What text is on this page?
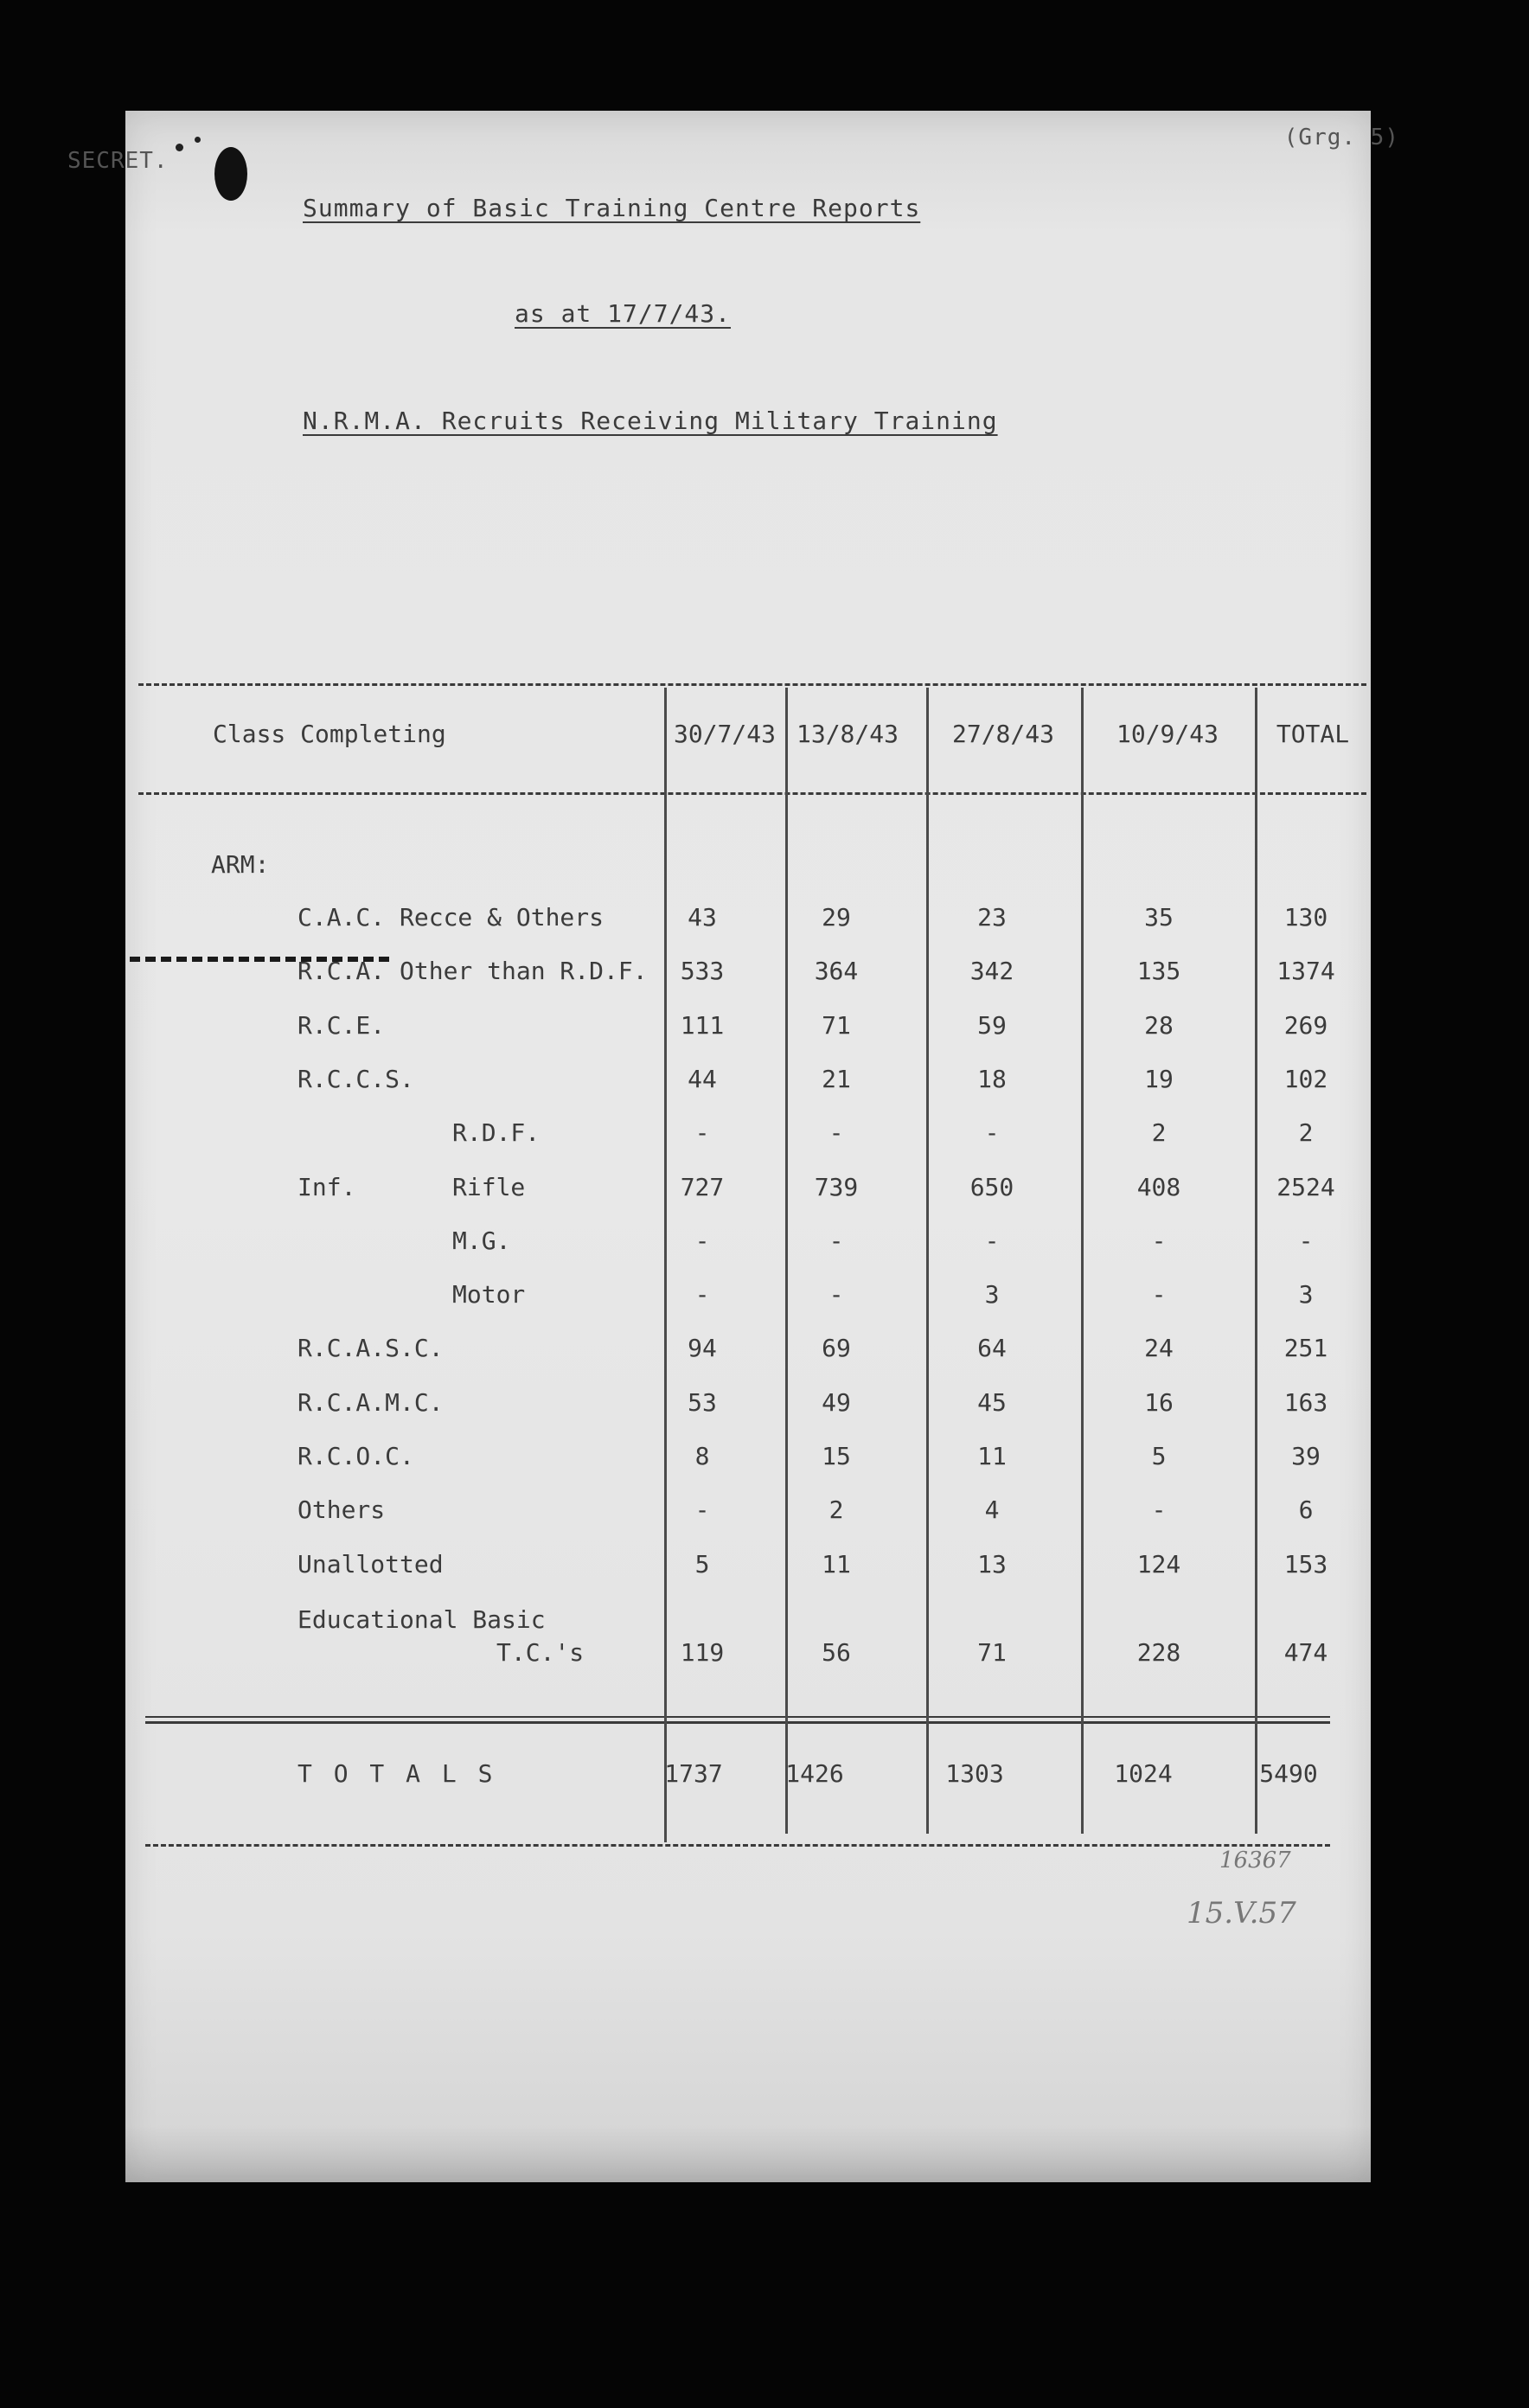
SECRET.
(Grg. 5)
Summary of Basic Training Centre Reports
as at 17/7/43.
N.R.M.A. Recruits Receiving Military Training
Class Completing	30/7/43 13/8/43 27/8/43	10/9/43	TOTAL
ARM:
C.A.C. Recce & Others	43	29	23	35	130
R.C.A. Other than R.D.F.	533	364	342	135	1374
R.C.E.	111	71	59	28	269
R.C.C.S.	44	21	18	19	102
R.D.F.	-	-	-	2	2
Inf.	Rifle	727	739	650	408	2524
M.G.	-	-	-	-	-
Motor	-	-	3	-	3
R.C.A.S.C.	94	69	64	24	251
R.C.A.M.C.	53	49	45	16	163
R.C.O.C.	8	15	11	5	39
Others	-	2	4	-	6
Unallotted	5	11	13	124	153
Educational Basic
T.C.'s	119	56	71	228	474
T O T A L S	1737	1426	1303	1024	5490
16367
15.V.57
